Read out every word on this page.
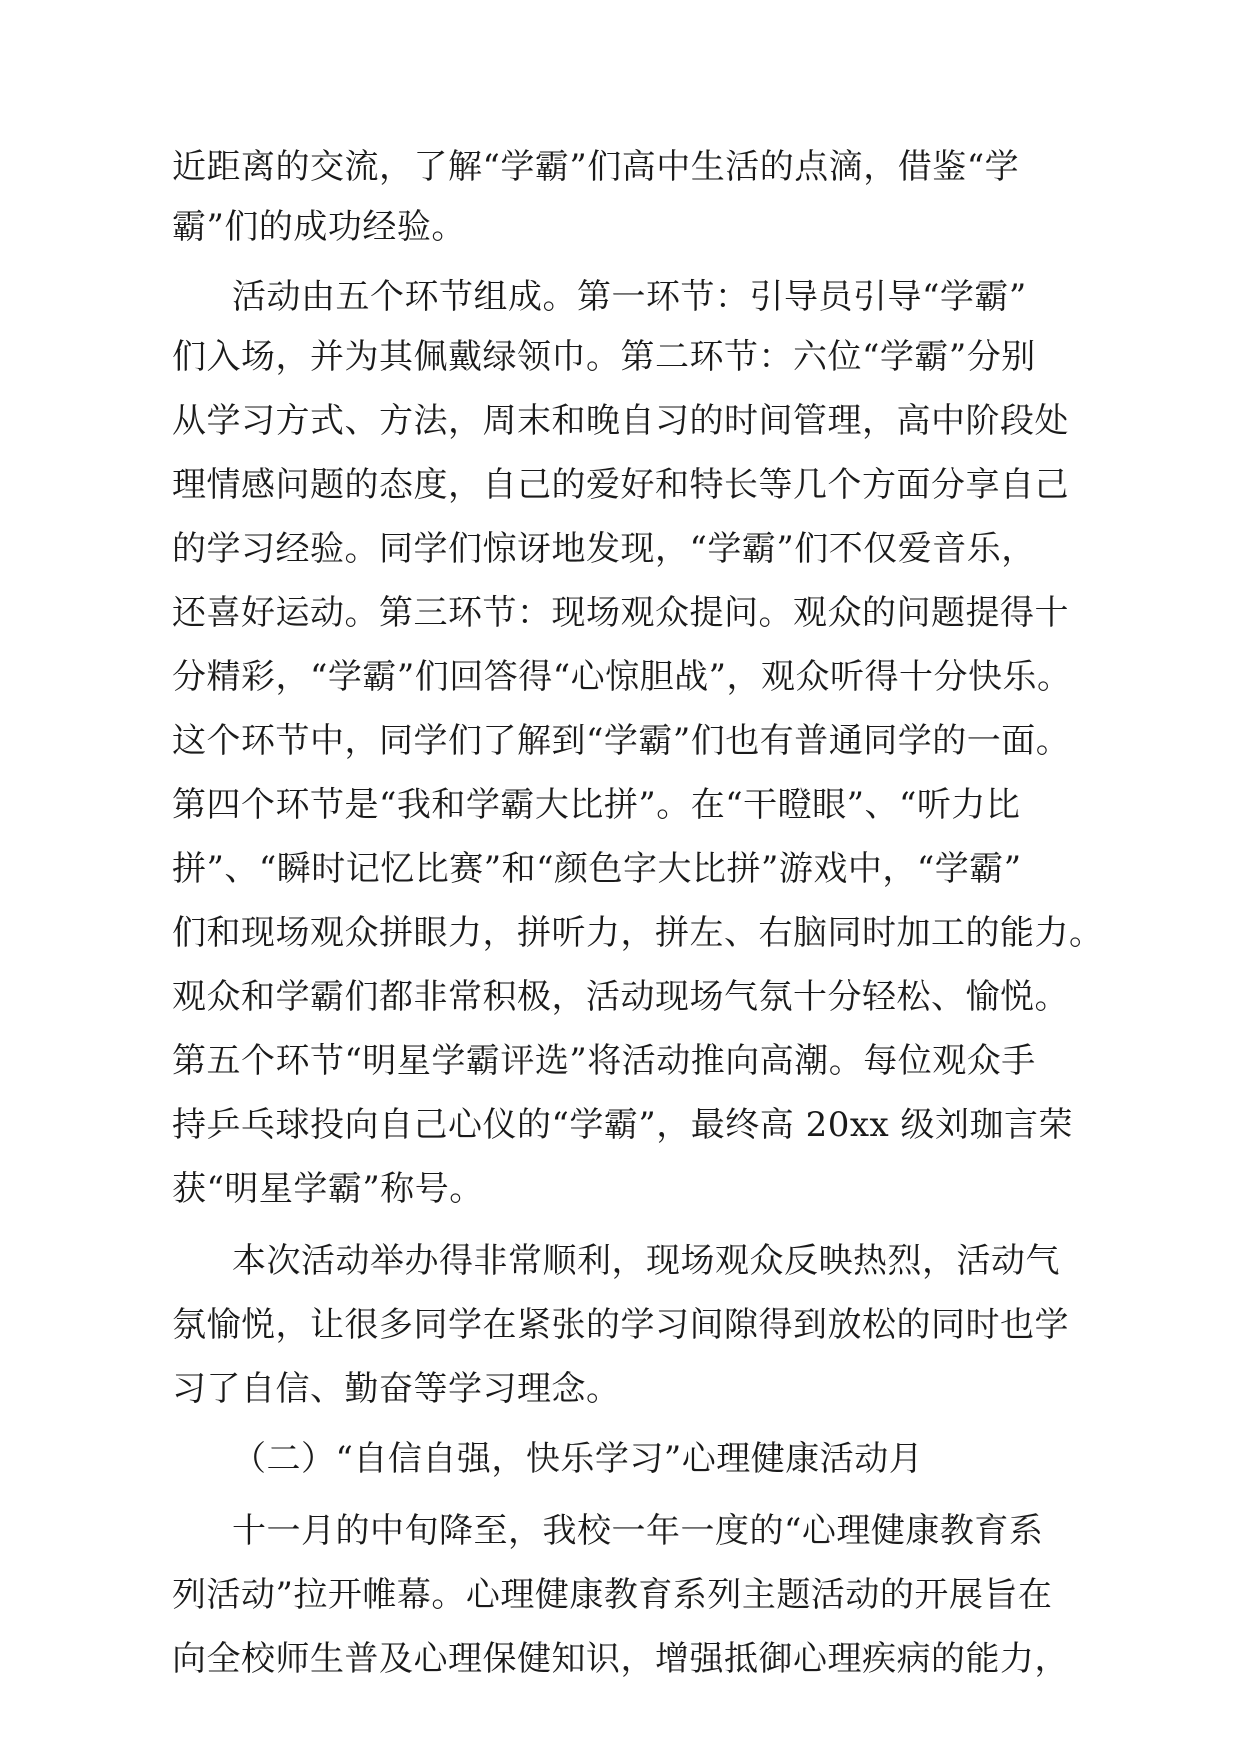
近距离的交流，了解“学霸”们高中生活的点滴，借鉴“学
霸”们的成功经验。
活动由五个环节组成。第一环节：引导员引导“学霸”
们入场，并为其佩戴绿领巾。第二环节：六位“学霸”分别
从学习方式、方法，周末和晚自习的时间管理，高中阶段处
理情感问题的态度，自己的爱好和特长等几个方面分享自己
的学习经验。同学们惊讶地发现，“学霸”们不仅爱音乐，
还喜好运动。第三环节：现场观众提问。观众的问题提得十
分精彩，“学霸”们回答得“心惊胆战”，观众听得十分快乐。
这个环节中，同学们了解到“学霸”们也有普通同学的一面。
第四个环节是“我和学霸大比拼”。在“干瞪眼”、“听力比
拼”、“瞬时记忆比赛”和“颜色字大比拼”游戏中，“学霸”
们和现场观众拼眼力，拼听力，拼左、右脑同时加工的能力。
观众和学霸们都非常积极，活动现场气氛十分轻松、愉悦。
第五个环节“明星学霸评选”将活动推向高潮。每位观众手
持乒乓球投向自己心仪的“学霸”，最终高 20xx 级刘珈言荣
获“明星学霸”称号。
本次活动举办得非常顺利，现场观众反映热烈，活动气
氛愉悦，让很多同学在紧张的学习间隙得到放松的同时也学
习了自信、勤奋等学习理念。
（二）“自信自强，快乐学习”心理健康活动月
十一月的中旬降至，我校一年一度的“心理健康教育系
列活动”拉开帷幕。心理健康教育系列主题活动的开展旨在
向全校师生普及心理保健知识，增强抵御心理疾病的能力，
